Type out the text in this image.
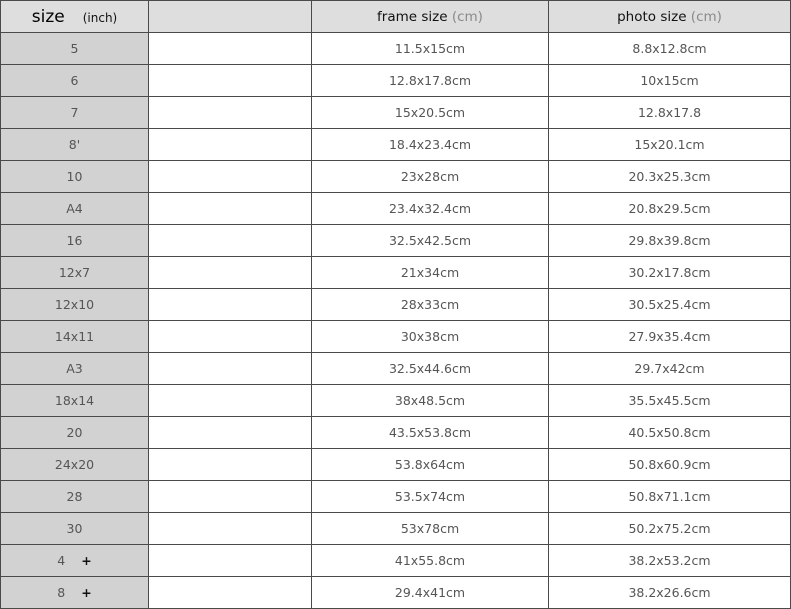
size (inch)		frame size (cm)	photo size (cm)
5		11.5x15cm	8.8x12.8cm
6		12.8x17.8cm	10x15cm
7		15x20.5cm	12.8x17.8
8'		18.4x23.4cm	15x20.1cm
10		23x28cm	20.3x25.3cm
A4		23.4x32.4cm	20.8x29.5cm
16		32.5x42.5cm	29.8x39.8cm
12x7		21x34cm	30.2x17.8cm
12x10		28x33cm	30.5x25.4cm
14x11		30x38cm	27.9x35.4cm
A3		32.5x44.6cm	29.7x42cm
18x14		38x48.5cm	35.5x45.5cm
20		43.5x53.8cm	40.5x50.8cm
24x20		53.8x64cm	50.8x60.9cm
28		53.5x74cm	50.8x71.1cm
30		53x78cm	50.2x75.2cm
4 +		41x55.8cm	38.2x53.2cm
8 +		29.4x41cm	38.2x26.6cm
